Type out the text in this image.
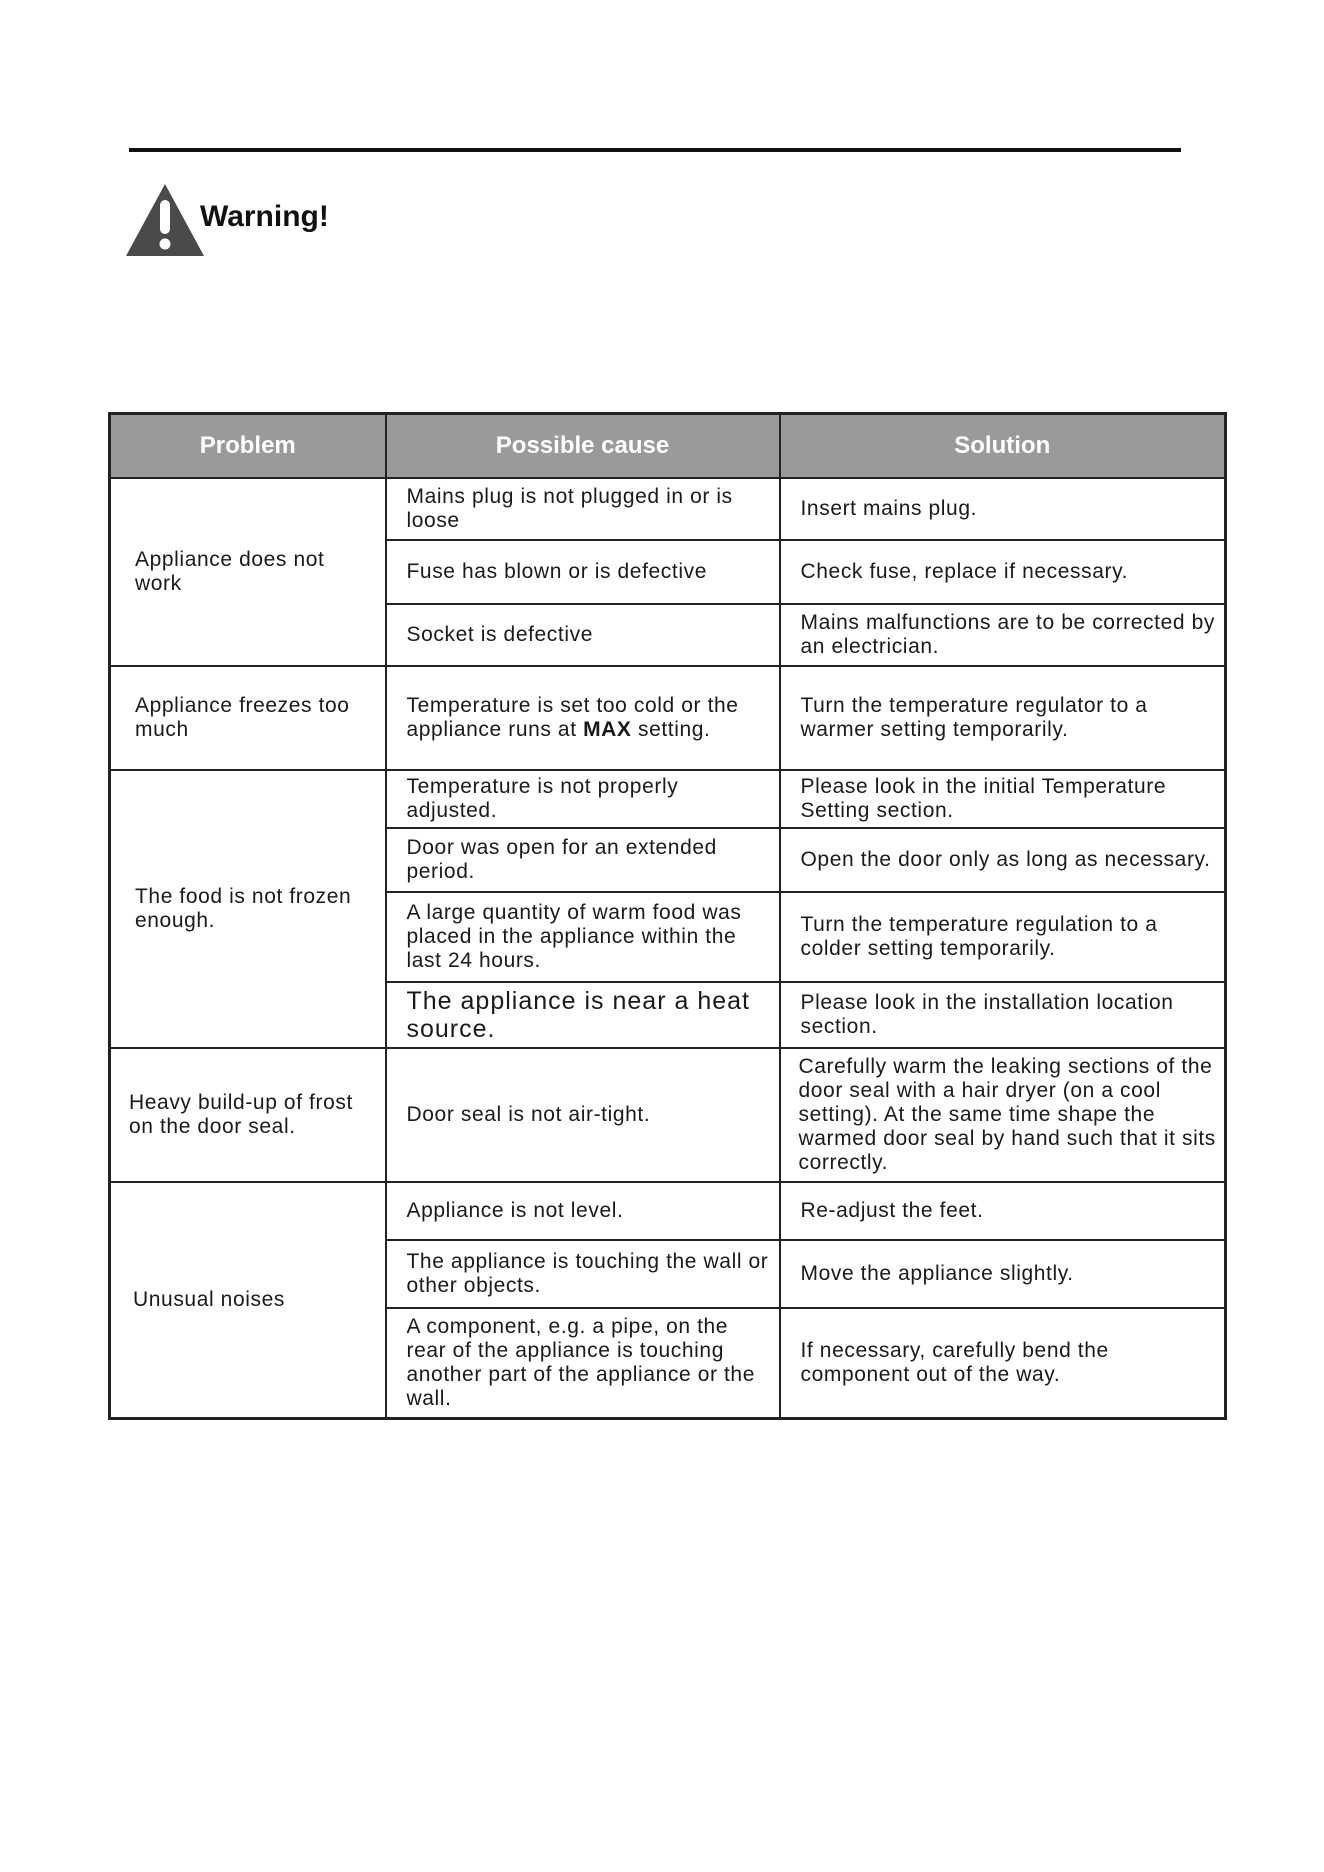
Warning!
Problem	Possible cause	Solution
Appliance does not work	Mains plug is not plugged in or is loose	Insert mains plug.
	Fuse has blown or is defective	Check fuse, replace if necessary.
	Socket is defective	Mains malfunctions are to be corrected by an electrician.
Appliance freezes too much	Temperature is set too cold or the appliance runs at MAX setting.	Turn the temperature regulator to a warmer setting temporarily.
The food is not frozen enough.	Temperature is not properly adjusted.	Please look in the initial Temperature Setting section.
	Door was open for an extended period.	Open the door only as long as necessary.
	A large quantity of warm food was placed in the appliance within the last 24 hours.	Turn the temperature regulation to a colder setting temporarily.
	The appliance is near a heat source.	Please look in the installation location section.
Heavy build-up of frost on the door seal.	Door seal is not air-tight.	Carefully warm the leaking sections of the door seal with a hair dryer (on a cool setting). At the same time shape the warmed door seal by hand such that it sits correctly.
Unusual noises	Appliance is not level.	Re-adjust the feet.
	The appliance is touching the wall or other objects.	Move the appliance slightly.
	A component, e.g. a pipe, on the rear of the appliance is touching another part of the appliance or the wall.	If necessary, carefully bend the component out of the way.
